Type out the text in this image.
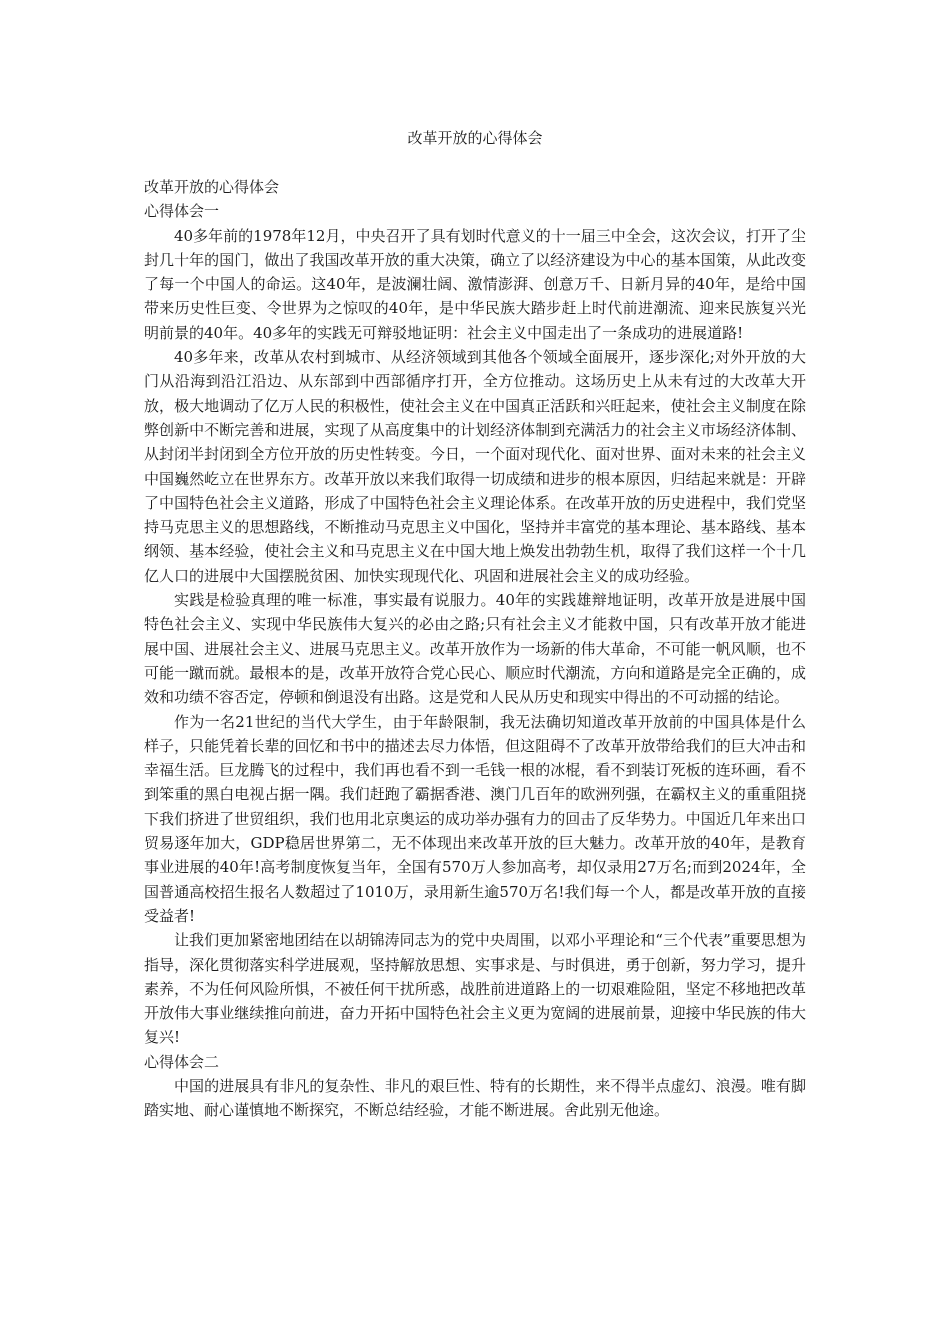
改革开放的心得体会

改革开放的心得体会

心得体会一

40多年前的1978年12月，中央召开了具有划时代意义的十一届三中全会，这次会议，打开了尘封几十年的国门，做出了我国改革开放的重大决策，确立了以经济建设为中心的基本国策，从此改变了每一个中国人的命运。这40年，是波澜壮阔、激情澎湃、创意万千、日新月异的40年，是给中国带来历史性巨变、令世界为之惊叹的40年，是中华民族大踏步赶上时代前进潮流、迎来民族复兴光明前景的40年。40多年的实践无可辩驳地证明：社会主义中国走出了一条成功的进展道路!

40多年来，改革从农村到城市、从经济领域到其他各个领域全面展开，逐步深化;对外开放的大门从沿海到沿江沿边、从东部到中西部循序打开，全方位推动。这场历史上从未有过的大改革大开放，极大地调动了亿万人民的积极性，使社会主义在中国真正活跃和兴旺起来，使社会主义制度在除弊创新中不断完善和进展，实现了从高度集中的计划经济体制到充满活力的社会主义市场经济体制、从封闭半封闭到全方位开放的历史性转变。今日，一个面对现代化、面对世界、面对未来的社会主义中国巍然屹立在世界东方。改革开放以来我们取得一切成绩和进步的根本原因，归结起来就是：开辟了中国特色社会主义道路，形成了中国特色社会主义理论体系。在改革开放的历史进程中，我们党坚持马克思主义的思想路线，不断推动马克思主义中国化，坚持并丰富党的基本理论、基本路线、基本纲领、基本经验，使社会主义和马克思主义在中国大地上焕发出勃勃生机，取得了我们这样一个十几亿人口的进展中大国摆脱贫困、加快实现现代化、巩固和进展社会主义的成功经验。

实践是检验真理的唯一标准，事实最有说服力。40年的实践雄辩地证明，改革开放是进展中国特色社会主义、实现中华民族伟大复兴的必由之路;只有社会主义才能救中国，只有改革开放才能进展中国、进展社会主义、进展马克思主义。改革开放作为一场新的伟大革命，不可能一帆风顺，也不可能一蹴而就。最根本的是，改革开放符合党心民心、顺应时代潮流，方向和道路是完全正确的，成效和功绩不容否定，停顿和倒退没有出路。这是党和人民从历史和现实中得出的不可动摇的结论。

作为一名21世纪的当代大学生，由于年龄限制，我无法确切知道改革开放前的中国具体是什么样子，只能凭着长辈的回忆和书中的描述去尽力体悟，但这阻碍不了改革开放带给我们的巨大冲击和幸福生活。巨龙腾飞的过程中，我们再也看不到一毛钱一根的冰棍，看不到装订死板的连环画，看不到笨重的黑白电视占据一隅。我们赶跑了霸据香港、澳门几百年的欧洲列强，在霸权主义的重重阻挠下我们挤进了世贸组织，我们也用北京奥运的成功举办强有力的回击了反华势力。中国近几年来出口贸易逐年加大，GDP稳居世界第二，无不体现出来改革开放的巨大魅力。改革开放的40年，是教育事业进展的40年!高考制度恢复当年，全国有570万人参加高考，却仅录用27万名;而到2024年，全国普通高校招生报名人数超过了1010万，录用新生逾570万名!我们每一个人，都是改革开放的直接受益者!

让我们更加紧密地团结在以胡锦涛同志为的党中央周围，以邓小平理论和“三个代表”重要思想为指导，深化贯彻落实科学进展观，坚持解放思想、实事求是、与时俱进，勇于创新，努力学习，提升素养，不为任何风险所惧，不被任何干扰所惑，战胜前进道路上的一切艰难险阻，坚定不移地把改革开放伟大事业继续推向前进，奋力开拓中国特色社会主义更为宽阔的进展前景，迎接中华民族的伟大复兴!

心得体会二

中国的进展具有非凡的复杂性、非凡的艰巨性、特有的长期性，来不得半点虚幻、浪漫。唯有脚踏实地、耐心谨慎地不断探究，不断总结经验，才能不断进展。舍此别无他途。
